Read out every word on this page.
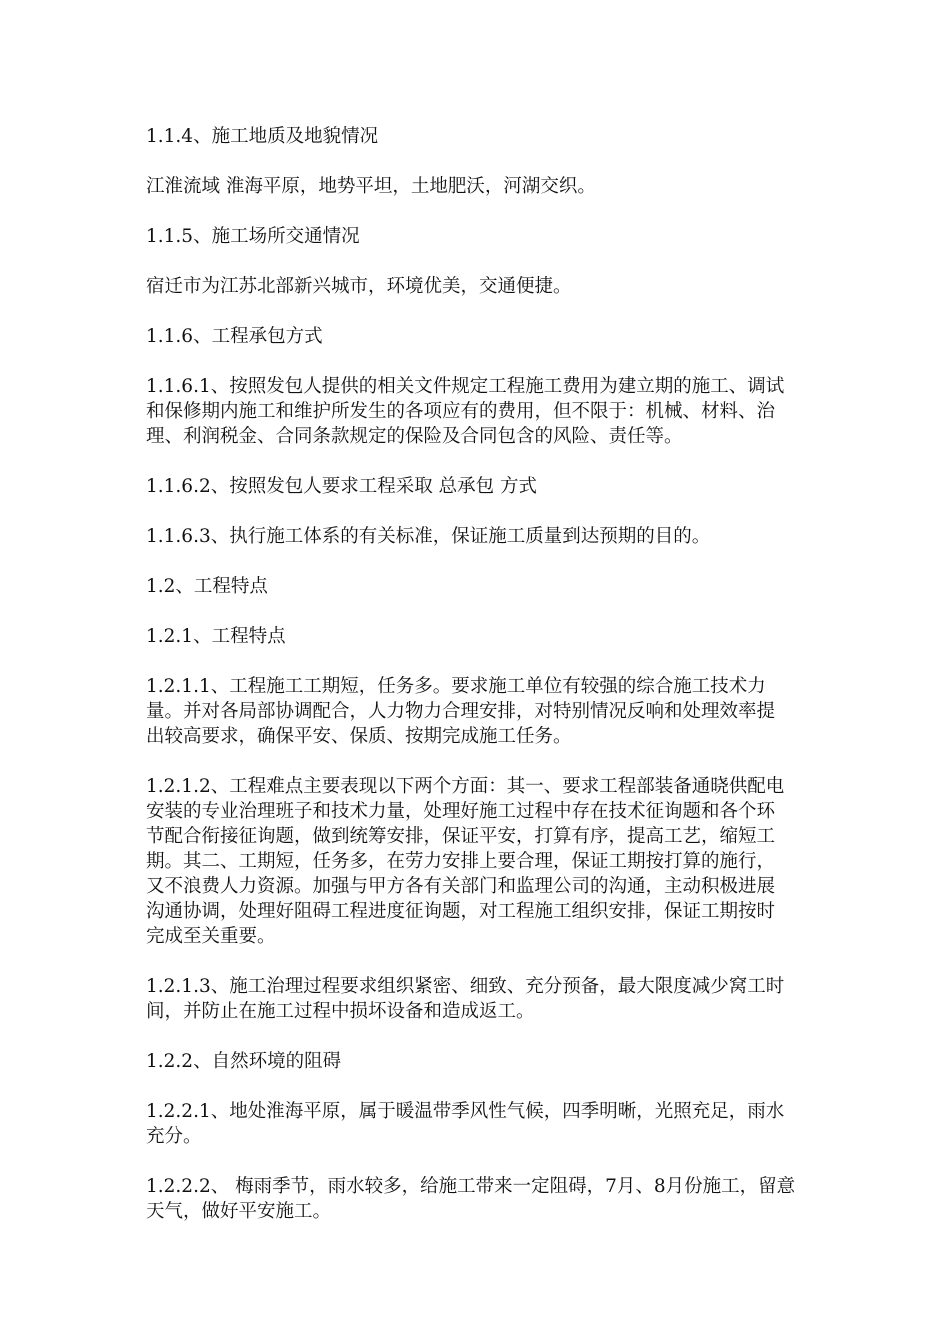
1.1.4、施工地质及地貌情况

江淮流域 淮海平原，地势平坦，土地肥沃，河湖交织。

1.1.5、施工场所交通情况

宿迁市为江苏北部新兴城市，环境优美，交通便捷。

1.1.6、工程承包方式

1.1.6.1、按照发包人提供的相关文件规定工程施工费用为建立期的施工、调试
和保修期内施工和维护所发生的各项应有的费用，但不限于：机械、材料、治
理、利润税金、合同条款规定的保险及合同包含的风险、责任等。

1.1.6.2、按照发包人要求工程采取 总承包 方式

1.1.6.3、执行施工体系的有关标准，保证施工质量到达预期的目的。

1.2、工程特点

1.2.1、工程特点

1.2.1.1、工程施工工期短，任务多。要求施工单位有较强的综合施工技术力
量。并对各局部协调配合，人力物力合理安排，对特别情况反响和处理效率提
出较高要求，确保平安、保质、按期完成施工任务。

1.2.1.2、工程难点主要表现以下两个方面：其一、要求工程部装备通晓供配电
安装的专业治理班子和技术力量，处理好施工过程中存在技术征询题和各个环
节配合衔接征询题，做到统筹安排，保证平安，打算有序，提高工艺，缩短工
期。其二、工期短，任务多，在劳力安排上要合理，保证工期按打算的施行，
又不浪费人力资源。加强与甲方各有关部门和监理公司的沟通，主动积极进展
沟通协调，处理好阻碍工程进度征询题，对工程施工组织安排，保证工期按时
完成至关重要。

1.2.1.3、施工治理过程要求组织紧密、细致、充分预备，最大限度减少窝工时
间，并防止在施工过程中损坏设备和造成返工。

1.2.2、自然环境的阻碍

1.2.2.1、地处淮海平原，属于暖温带季风性气候，四季明晰，光照充足，雨水
充分。

1.2.2.2、 梅雨季节，雨水较多，给施工带来一定阻碍，7月、8月份施工，留意
天气，做好平安施工。
